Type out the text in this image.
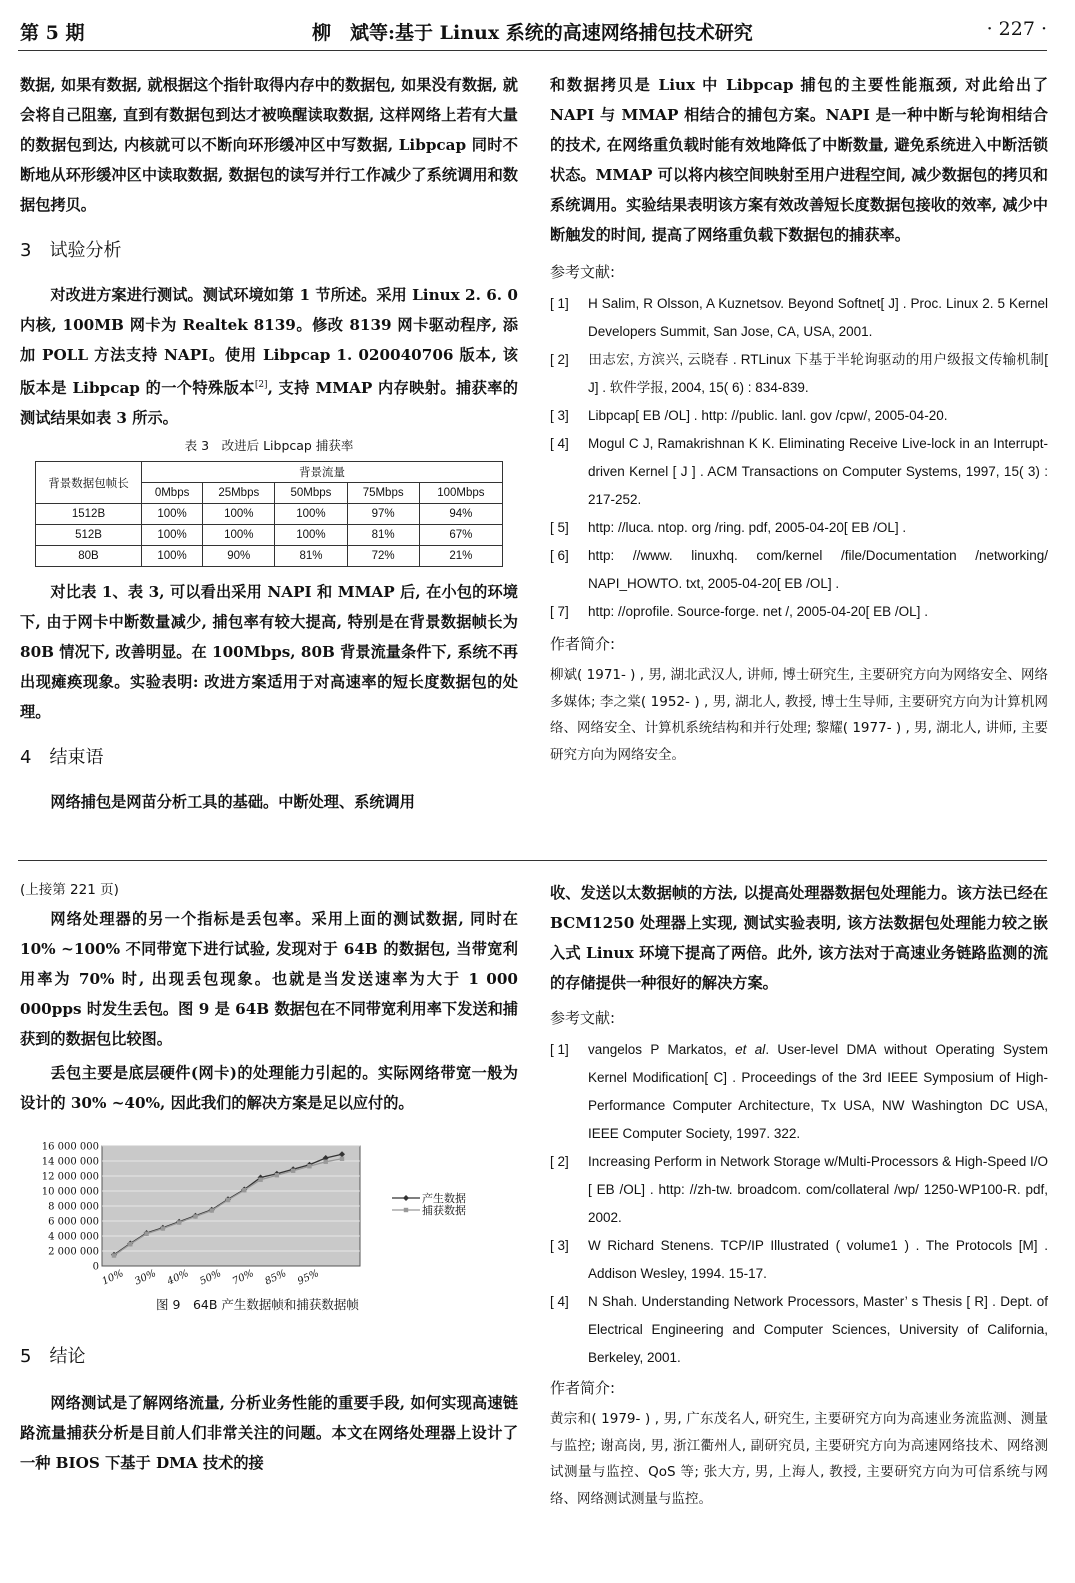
第 5 期	柳　斌等:基于 Linux 系统的高速网络捕包技术研究	· 227 ·

数据, 如果有数据, 就根据这个指针取得内存中的数据包, 如果没有数据, 就会将自己阻塞, 直到有数据包到达才被唤醒读取数据, 这样网络上若有大量的数据包到达, 内核就可以不断向环形缓冲区中写数据, Libpcap 同时不断地从环形缓冲区中读取数据, 数据包的读写并行工作减少了系统调用和数据包拷贝。

3　试验分析

对改进方案进行测试。测试环境如第 1 节所述。采用 Linux 2. 6. 0 内核, 100MB 网卡为 Realtek 8139。修改 8139 网卡驱动程序, 添加 POLL 方法支持 NAPI。使用 Libpcap 1. 020040706 版本, 该版本是 Libpcap 的一个特殊版本[2], 支持 MMAP 内存映射。捕获率的测试结果如表 3 所示。

表 3　改进后 Libpcap 捕获率
背景数据包帧长	背景流量				
	0Mbps	25Mbps	50Mbps	75Mbps	100Mbps
1512B	100%	100%	100%	97%	94%
512B	100%	100%	100%	81%	67%
80B	100%	90%	81%	72%	21%

对比表 1、表 3, 可以看出采用 NAPI 和 MMAP 后, 在小包的环境下, 由于网卡中断数量减少, 捕包率有较大提高, 特别是在背景数据帧长为 80B 情况下, 改善明显。在 100Mbps, 80B 背景流量条件下, 系统不再出现瘫痪现象。实验表明: 改进方案适用于对高速率的短长度数据包的处理。

4　结束语

网络捕包是网苗分析工具的基础。中断处理、系统调用

和数据拷贝是 Liux 中 Libpcap 捕包的主要性能瓶颈, 对此给出了 NAPI 与 MMAP 相结合的捕包方案。NAPI 是一种中断与轮询相结合的技术, 在网络重负载时能有效地降低了中断数量, 避免系统进入中断活锁状态。MMAP 可以将内核空间映射至用户进程空间, 减少数据包的拷贝和系统调用。实验结果表明该方案有效改善短长度数据包接收的效率, 减少中断触发的时间, 提高了网络重负载下数据包的捕获率。

参考文献:

[ 1] H Salim, R Olsson, A Kuznetsov. Beyond Softnet[ J] . Proc. Linux 2. 5 Kernel Developers Summit, San Jose, CA, USA, 2001.

[ 2] 田志宏, 方滨兴, 云晓春 . RTLinux 下基于半轮询驱动的用户级报文传输机制[ J] . 软件学报, 2004, 15( 6) : 834-839.

[ 3] Libpcap[ EB /OL] . http: //public. lanl. gov /cpw/, 2005-04-20.

[ 4] Mogul C J, Ramakrishnan K K. Eliminating Receive Live-lock in an Interrupt-driven Kernel [ J ] . ACM Transactions on Computer Systems, 1997, 15( 3) : 217-252.

[ 5] http: //luca. ntop. org /ring. pdf, 2005-04-20[ EB /OL] .

[ 6] http: //www. linuxhq. com/kernel /file/Documentation /networking/ NAPI_HOWTO. txt, 2005-04-20[ EB /OL] .

[ 7] http: //oprofile. Source-forge. net /, 2005-04-20[ EB /OL] .

作者简介:

柳斌( 1971- ) , 男, 湖北武汉人, 讲师, 博士研究生, 主要研究方向为网络安全、网络多媒体; 李之棠( 1952- ) , 男, 湖北人, 教授, 博士生导师, 主要研究方向为计算机网络、网络安全、计算机系统结构和并行处理; 黎耀( 1977- ) , 男, 湖北人, 讲师, 主要研究方向为网络安全。

(上接第 221 页)

网络处理器的另一个指标是丢包率。采用上面的测试数据, 同时在 10% ~100% 不同带宽下进行试验, 发现对于 64B 的数据包, 当带宽利用率为 70% 时, 出现丢包现象。也就是当发送速率为大于 1 000 000pps 时发生丢包。图 9 是 64B 数据包在不同带宽利用率下发送和捕获到的数据包比较图。

丢包主要是底层硬件(网卡)的处理能力引起的。实际网络带宽一般为设计的 30% ~40%, 因此我们的解决方案是足以应付的。

0
2 000 000
4 000 000
6 000 000
8 000 000
10 000 000
12 000 000
14 000 000
16 000 000
10% 30% 40% 50% 70% 85% 95%
产生数据
捕获数据
图 9　64B 产生数据帧和捕获数据帧

5　结论

网络测试是了解网络流量, 分析业务性能的重要手段, 如何实现高速链路流量捕获分析是目前人们非常关注的问题。本文在网络处理器上设计了一种 BIOS 下基于 DMA 技术的接

收、发送以太数据帧的方法, 以提高处理器数据包处理能力。该方法已经在 BCM1250 处理器上实现, 测试实验表明, 该方法数据包处理能力较之嵌入式 Linux 环境下提高了两倍。此外, 该方法对于高速业务链路监测的流的存储提供一种很好的解决方案。

参考文献:

[ 1] vangelos P Markatos, et al. User-level DMA without Operating System Kernel Modification[ C] . Proceedings of the 3rd IEEE Symposium of High-Performance Computer Architecture, Tx USA, NW Washington DC USA, IEEE Computer Society, 1997. 322.

[ 2] Increasing Perform in Network Storage w/Multi-Processors & High-Speed I/O [ EB /OL] . http: //zh-tw. broadcom. com/collateral /wp/ 1250-WP100-R. pdf, 2002.

[ 3] W Richard Stenens. TCP/IP Illustrated ( volume1 ) . The Protocols [M] . Addison Wesley, 1994. 15-17.

[ 4] N Shah. Understanding Network Processors, Master’ s Thesis [ R] . Dept. of Electrical Engineering and Computer Sciences, University of California, Berkeley, 2001.

作者简介:

黄宗和( 1979- ) , 男, 广东茂名人, 研究生, 主要研究方向为高速业务流监测、测量与监控; 谢高岗, 男, 浙江衢州人, 副研究员, 主要研究方向为高速网络技术、网络测试测量与监控、QoS 等; 张大方, 男, 上海人, 教授, 主要研究方向为可信系统与网络、网络测试测量与监控。
